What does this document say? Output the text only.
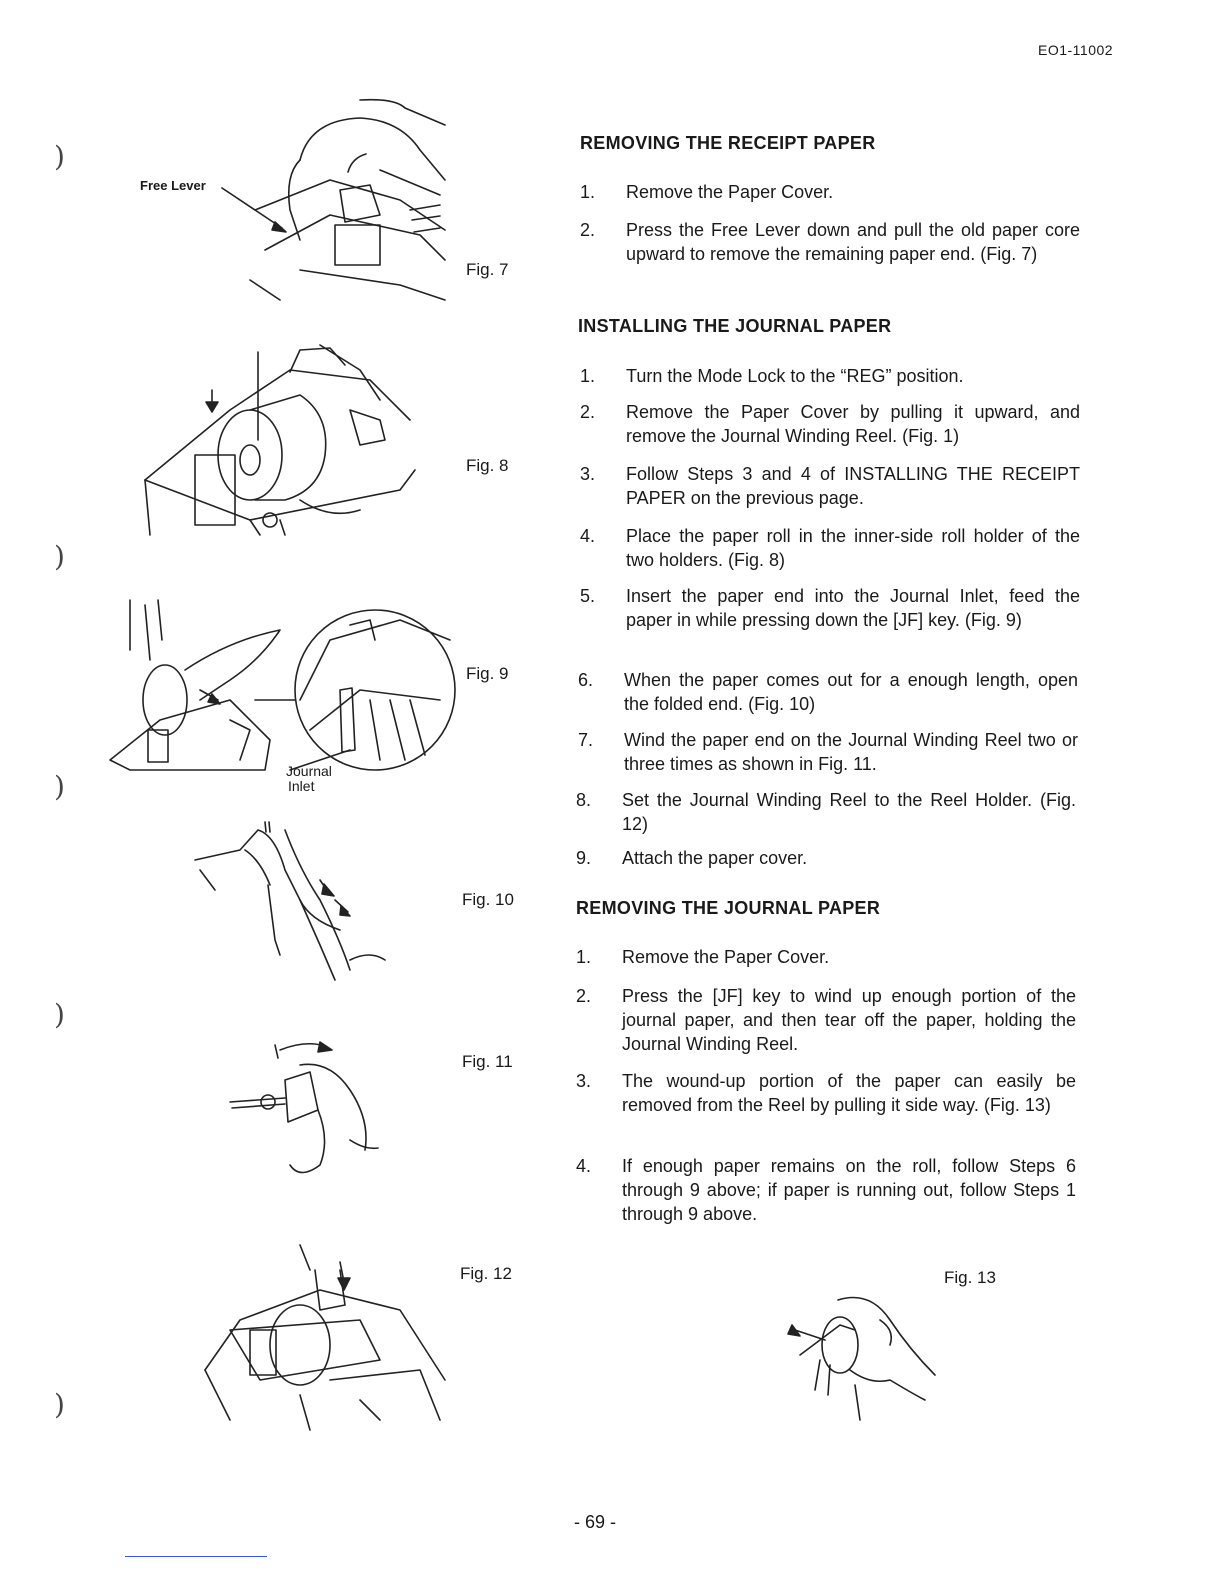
EO1-11002
- 69 -
)
)
)
)
)
REMOVING THE RECEIPT PAPER
1. Remove the Paper Cover.
2. Press the Free Lever down and pull the old paper core upward to remove the remaining paper end. (Fig. 7)
INSTALLING THE JOURNAL PAPER
1. Turn the Mode Lock to the “REG” position.
2. Remove the Paper Cover by pulling it upward, and remove the Journal Winding Reel. (Fig. 1)
3. Follow Steps 3 and 4 of INSTALLING THE RECEIPT PAPER on the previous page.
4. Place the paper roll in the inner-side roll holder of the two holders. (Fig. 8)
5. Insert the paper end into the Journal Inlet, feed the paper in while pressing down the [JF] key. (Fig. 9)
6. When the paper comes out for a enough length, open the folded end. (Fig. 10)
7. Wind the paper end on the Journal Winding Reel two or three times as shown in Fig. 11.
8. Set the Journal Winding Reel to the Reel Holder. (Fig. 12)
9. Attach the paper cover.
REMOVING THE JOURNAL PAPER
1. Remove the Paper Cover.
2. Press the [JF] key to wind up enough portion of the journal paper, and then tear off the paper, holding the Journal Winding Reel.
3. The wound-up portion of the paper can easily be removed from the Reel by pulling it side way. (Fig. 13)
4. If enough paper remains on the roll, follow Steps 6 through 9 above; if paper is running out, follow Steps 1 through 9 above.
Fig. 7
Fig. 8
Fig. 9
Fig. 10
Fig. 11
Fig. 12	Fig. 13
Free Lever
Journal
Inlet
